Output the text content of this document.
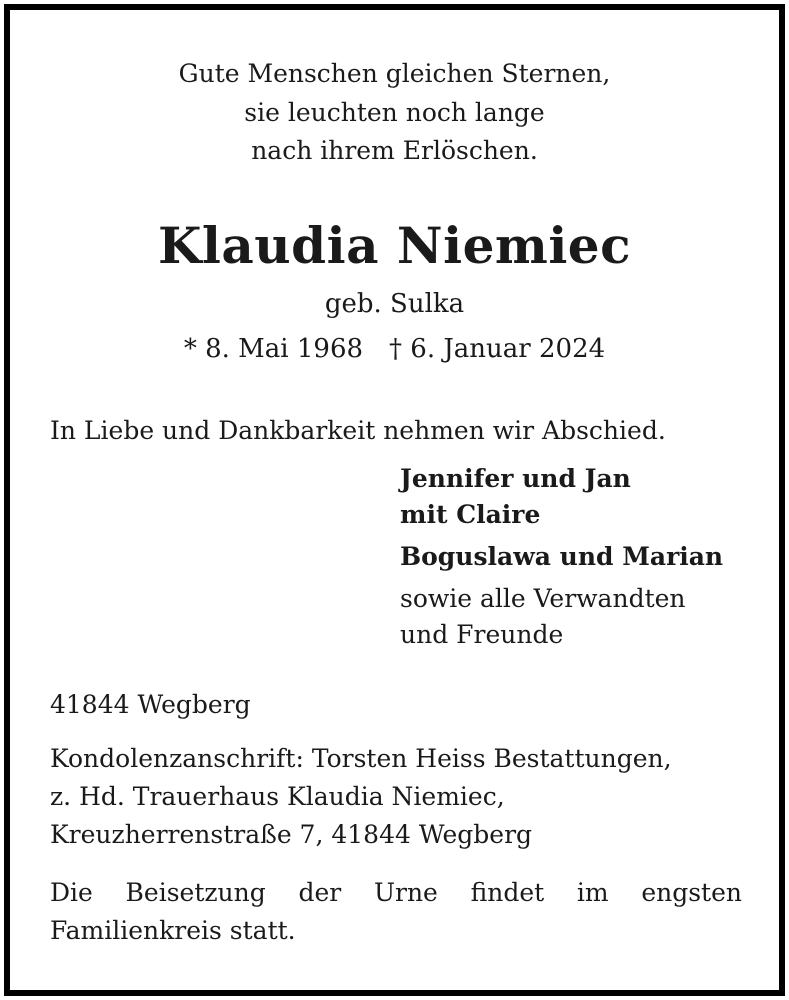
Gute Menschen gleichen Sternen,
sie leuchten noch lange
nach ihrem Erlöschen.
Klaudia Niemiec
geb. Sulka
* 8. Mai 1968 † 6. Januar 2024
In Liebe und Dankbarkeit nehmen wir Abschied.
Jennifer und Jan
mit Claire
Boguslawa und Marian
sowie alle Verwandten
und Freunde
41844 Wegberg
Kondolenzanschrift: Torsten Heiss Bestattungen,
z. Hd. Trauerhaus Klaudia Niemiec,
Kreuzherrenstraße 7, 41844 Wegberg
Die Beisetzung der Urne findet im engsten Familienkreis statt.
